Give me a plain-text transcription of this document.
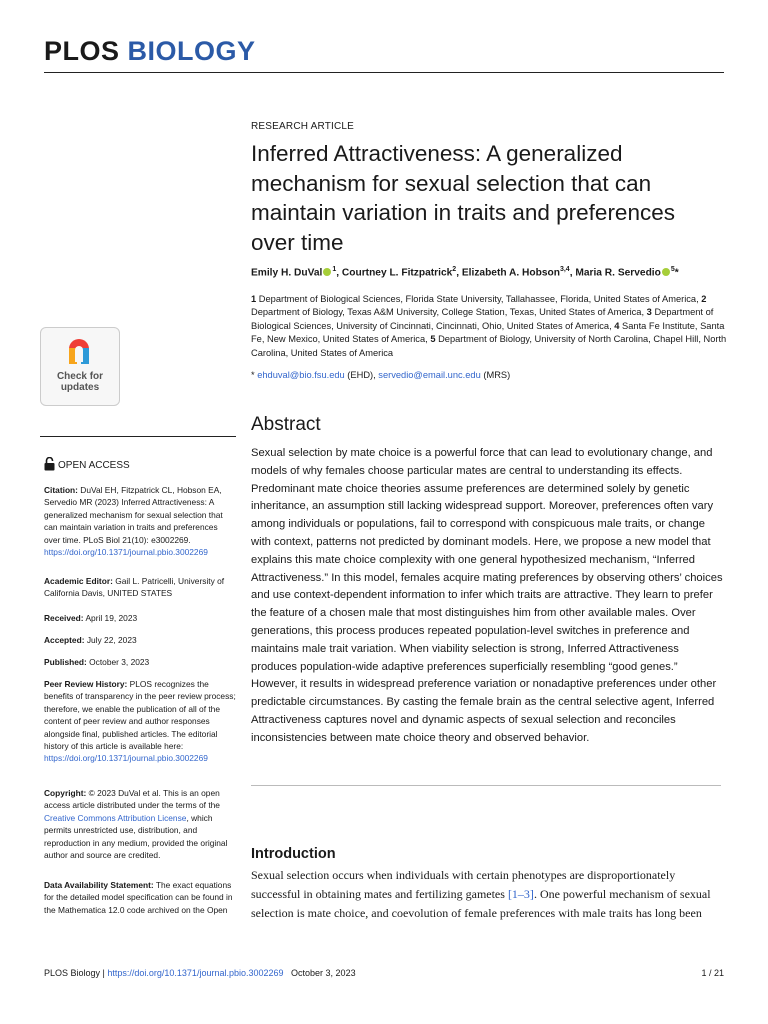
PLOS BIOLOGY
RESEARCH ARTICLE
Inferred Attractiveness: A generalized mechanism for sexual selection that can maintain variation in traits and preferences over time
Emily H. DuVal $^1$, Courtney L. Fitzpatrick$^2$, Elizabeth A. Hobson$^{3,4}$, Maria R. Servedio $^5$*
1 Department of Biological Sciences, Florida State University, Tallahassee, Florida, United States of America, 2 Department of Biology, Texas A&M University, College Station, Texas, United States of America, 3 Department of Biological Sciences, University of Cincinnati, Cincinnati, Ohio, United States of America, 4 Santa Fe Institute, Santa Fe, New Mexico, United States of America, 5 Department of Biology, University of North Carolina, Chapel Hill, North Carolina, United States of America
* ehduval@bio.fsu.edu (EHD), servedio@email.unc.edu (MRS)
Check for
updates
OPEN ACCESS
Citation: DuVal EH, Fitzpatrick CL, Hobson EA, Servedio MR (2023) Inferred Attractiveness: A generalized mechanism for sexual selection that can maintain variation in traits and preferences over time. PLoS Biol 21(10): e3002269. https://doi.org/10.1371/journal.pbio.3002269
Academic Editor: Gail L. Patricelli, University of California Davis, UNITED STATES
Received: April 19, 2023
Accepted: July 22, 2023
Published: October 3, 2023
Peer Review History: PLOS recognizes the benefits of transparency in the peer review process; therefore, we enable the publication of all of the content of peer review and author responses alongside final, published articles. The editorial history of this article is available here: https://doi.org/10.1371/journal.pbio.3002269
Copyright: © 2023 DuVal et al. This is an open access article distributed under the terms of the Creative Commons Attribution License, which permits unrestricted use, distribution, and reproduction in any medium, provided the original author and source are credited.
Data Availability Statement: The exact equations for the detailed model specification can be found in the Mathematica 12.0 code archived on the Open
Abstract
Sexual selection by mate choice is a powerful force that can lead to evolutionary change, and models of why females choose particular mates are central to understanding its effects. Predominant mate choice theories assume preferences are determined solely by genetic inheritance, an assumption still lacking widespread support. Moreover, preferences often vary among individuals or populations, fail to correspond with conspicuous male traits, or change with context, patterns not predicted by dominant models. Here, we propose a new model that explains this mate choice complexity with one general hypothesized mechanism, “Inferred Attractiveness.” In this model, females acquire mating preferences by observing others’ choices and use context-dependent information to infer which traits are attractive. They learn to prefer the feature of a chosen male that most distinguishes him from other available males. Over generations, this process produces repeated population-level switches in preference and maintains male trait variation. When viability selection is strong, Inferred Attractiveness produces population-wide adaptive preferences superficially resembling “good genes.” However, it results in widespread preference variation or nonadaptive preferences under other predictable circumstances. By casting the female brain as the central selective agent, Inferred Attractiveness captures novel and dynamic aspects of sexual selection and reconciles inconsistencies between mate choice theory and observed behavior.
Introduction
Sexual selection occurs when individuals with certain phenotypes are disproportionately successful in obtaining mates and fertilizing gametes [1–3]. One powerful mechanism of sexual selection is mate choice, and coevolution of female preferences with male traits has long been
PLOS Biology | https://doi.org/10.1371/journal.pbio.3002269 October 3, 2023	1 / 21
